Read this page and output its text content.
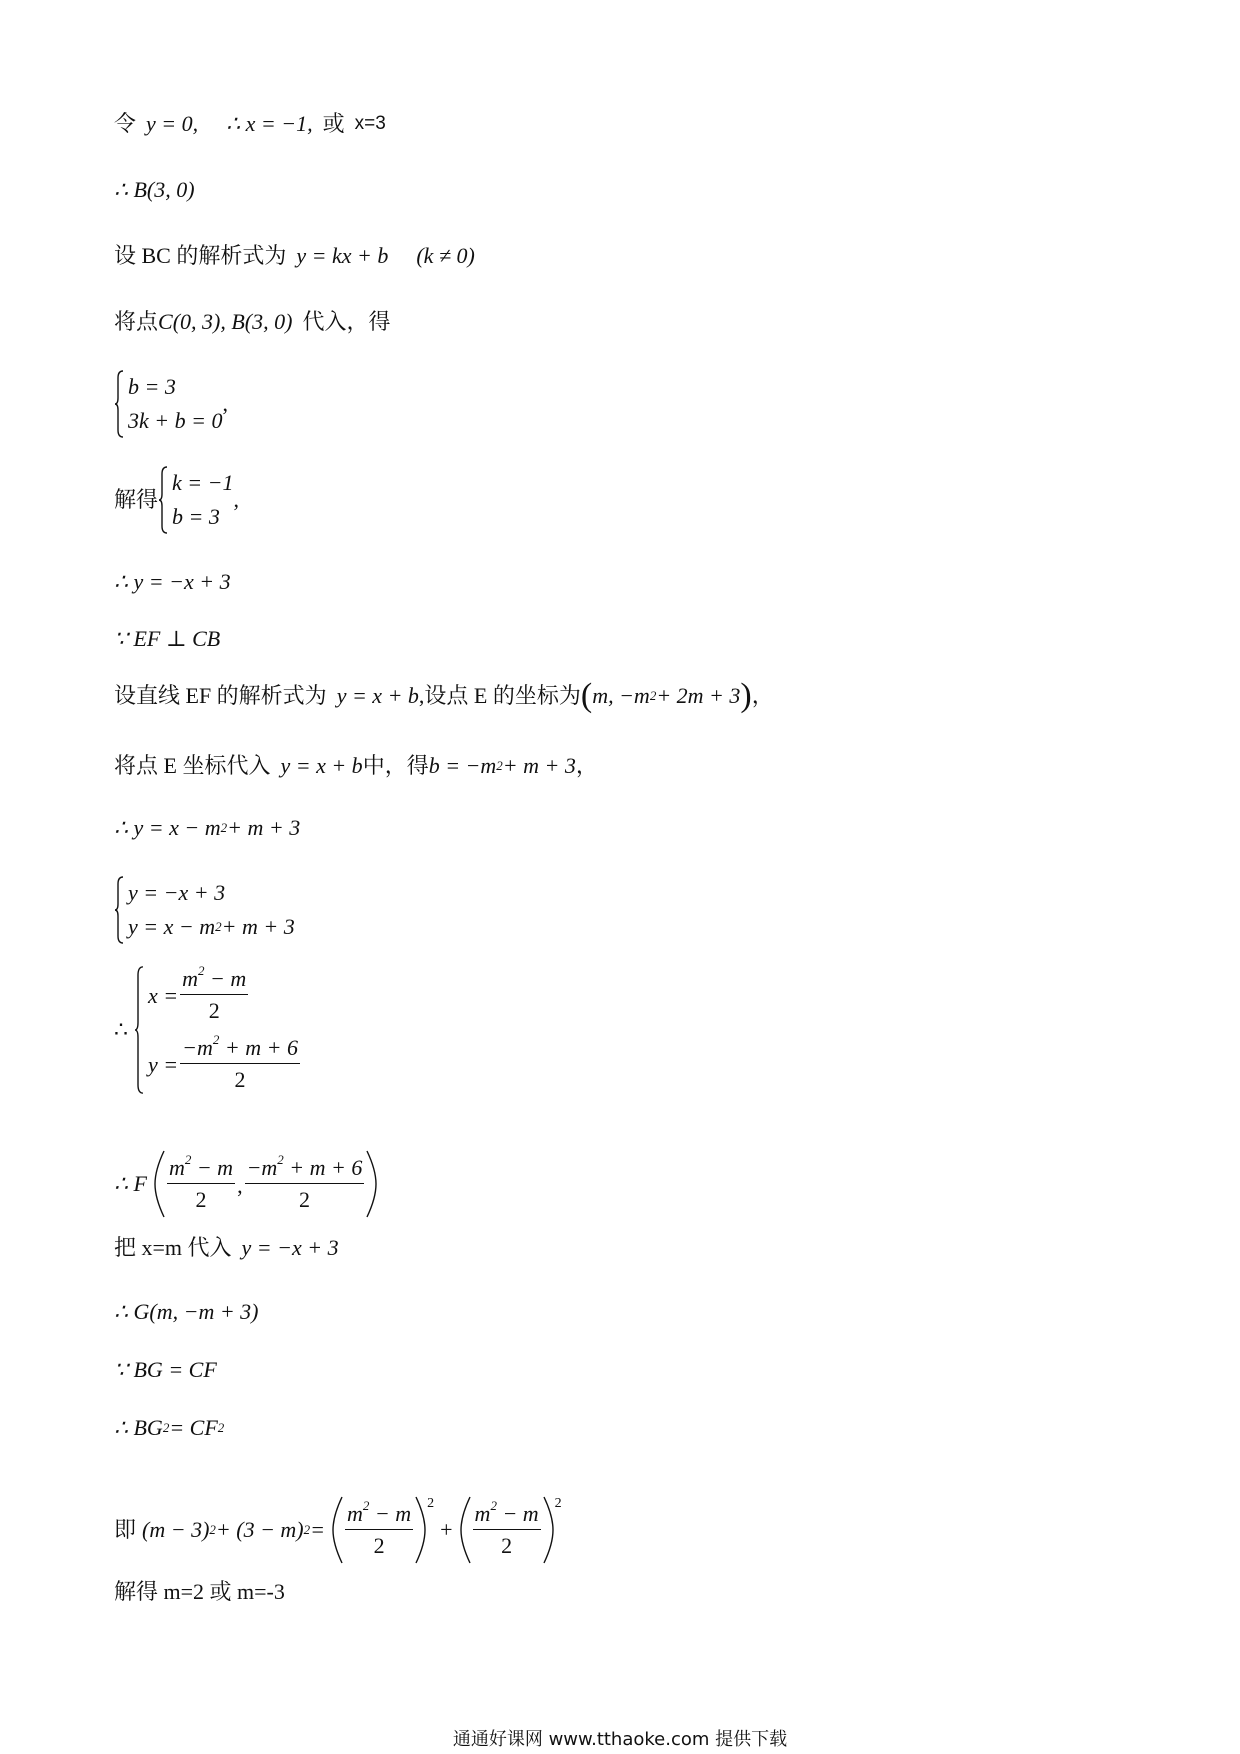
令 y = 0, ∴ x = −1, 或 x=3
∴ B(3, 0)
设 BC 的解析式为 y = kx + b (k ≠ 0)
将点 C(0, 3), B(3, 0) 代入，得
b = 3
3k + b = 0
,
解得
k = −1
b = 3
,
∴ y = −x + 3
∵ EF ⊥ CB
设直线 EF 的解析式为 y = x + b ,设点 E 的坐标为 ( m, −m 2 + 2m + 3 ) ，
将点 E 坐标代入 y = x + b 中，得 b = −m 2 + m + 3 ，
∴ y = x − m 2 + m + 3
y = −x + 3
y = x − m 2 + m + 3
∴
$x = \frac{m^2 - m}{2}$
$y = \frac{-m^2 + m + 6}{2}$
∴ F $\frac{m^2 - m}{2}$ , $\frac{-m^2 + m + 6}{2}$
把 x=m 代入 y = −x + 3
∴ G(m, −m + 3)
∵ BG = CF
∴ BG 2 = CF 2
即 (m − 3) 2 + (3 − m) $2 = \frac{m^2 - m}{2} 2$
+ $\frac{m^2 - m}{2} 2$
解得 m=2 或 m=-3
通通好课网 www.tthaoke.com 提供下载
